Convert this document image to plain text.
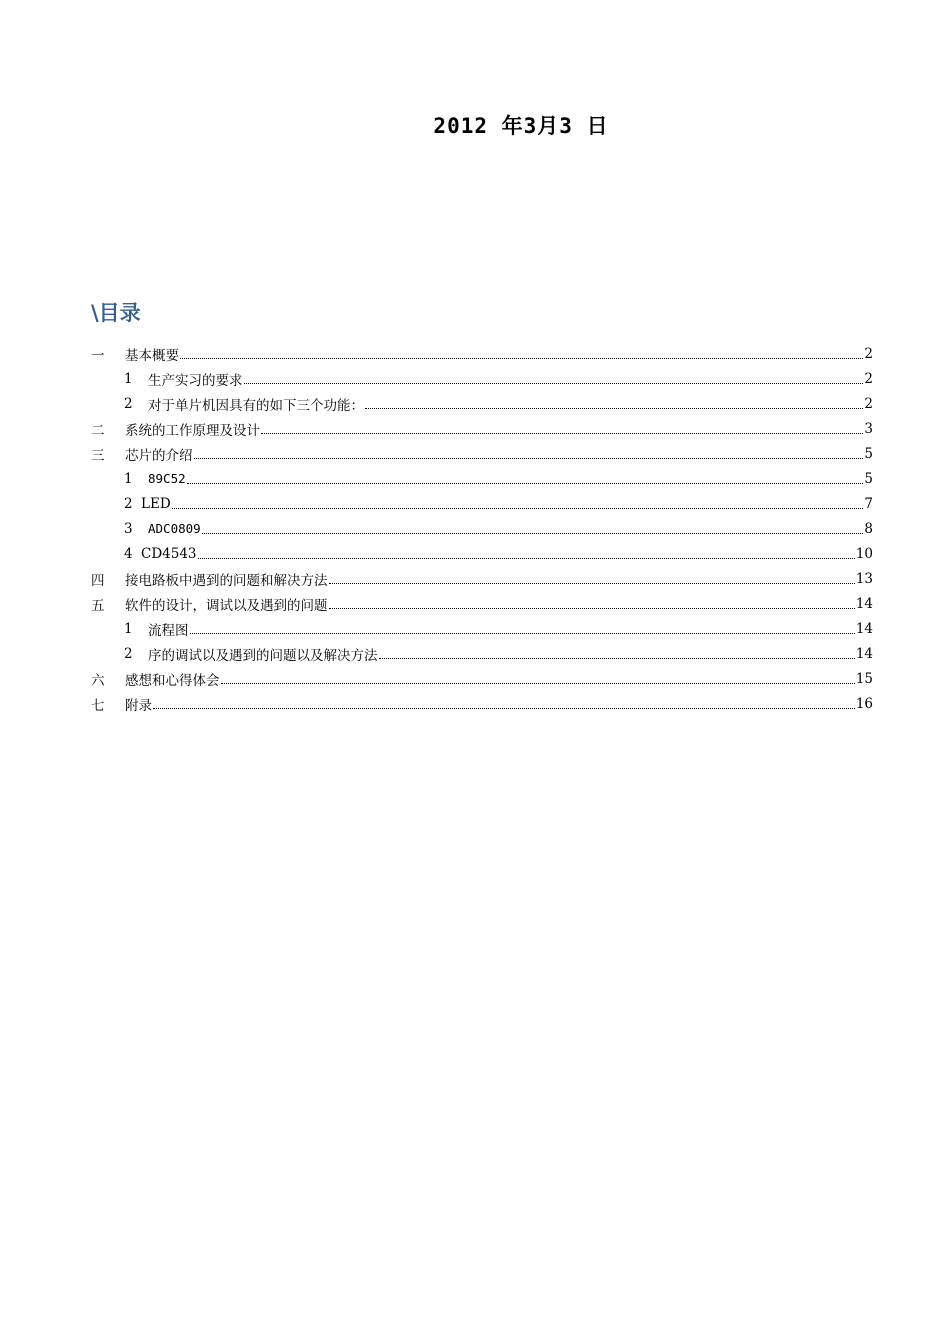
2012 年3月3 日
\目录
一	基本概要	2
1	生产实习的要求	2
2	对于单片机因具有的如下三个功能：	2
二	系统的工作原理及设计	3
三	芯片的介绍	5
1	89C52	5
2 LED	7
3	ADC0809	8
4 CD4543	10
四	接电路板中遇到的问题和解决方法	13
五	软件的设计，调试以及遇到的问题	14
1	流程图	14
2	序的调试以及遇到的问题以及解决方法	14
六	感想和心得体会	15
七	附录	16
